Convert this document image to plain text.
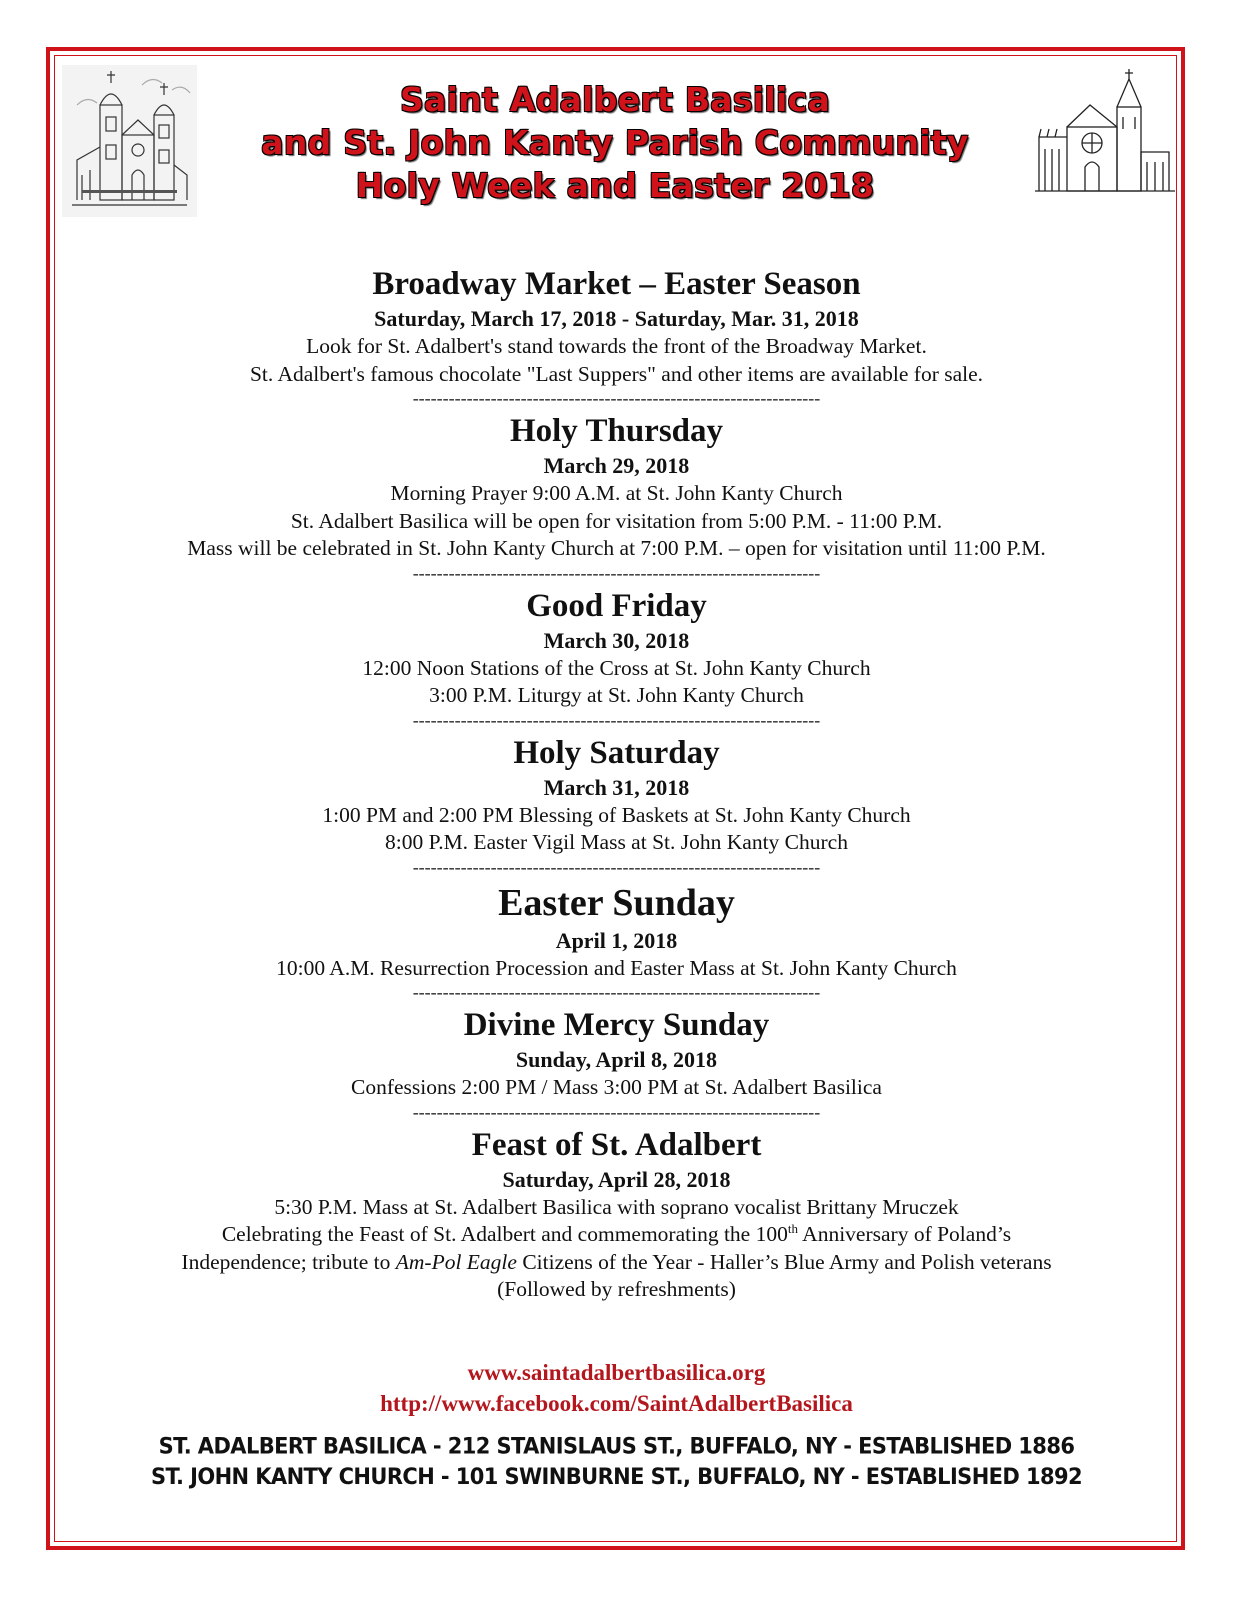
Saint Adalbert Basilica
and St. John Kanty Parish Community
Holy Week and Easter 2018
Broadway Market – Easter Season
Saturday, March 17, 2018 - Saturday, Mar. 31, 2018
Look for St. Adalbert's stand towards the front of the Broadway Market.
St. Adalbert's famous chocolate "Last Suppers" and other items are available for sale.
--------------------------------------------------------------------
Holy Thursday
March 29, 2018
Morning Prayer 9:00 A.M. at St. John Kanty Church
St. Adalbert Basilica will be open for visitation from 5:00 P.M. - 11:00 P.M.
Mass will be celebrated in St. John Kanty Church at 7:00 P.M. – open for visitation until 11:00 P.M.
--------------------------------------------------------------------
Good Friday
March 30, 2018
12:00 Noon Stations of the Cross at St. John Kanty Church
3:00 P.M. Liturgy at St. John Kanty Church
--------------------------------------------------------------------
Holy Saturday
March 31, 2018
1:00 PM and 2:00 PM Blessing of Baskets at St. John Kanty Church
8:00 P.M. Easter Vigil Mass at St. John Kanty Church
--------------------------------------------------------------------
Easter Sunday
April 1, 2018
10:00 A.M. Resurrection Procession and Easter Mass at St. John Kanty Church
--------------------------------------------------------------------
Divine Mercy Sunday
Sunday, April 8, 2018
Confessions 2:00 PM / Mass 3:00 PM at St. Adalbert Basilica
--------------------------------------------------------------------
Feast of St. Adalbert
Saturday, April 28, 2018
5:30 P.M. Mass at St. Adalbert Basilica with soprano vocalist Brittany Mruczek
Celebrating the Feast of St. Adalbert and commemorating the 100th Anniversary of Poland’s
Independence; tribute to Am-Pol Eagle Citizens of the Year - Haller’s Blue Army and Polish veterans
(Followed by refreshments)
www.saintadalbertbasilica.org
http://www.facebook.com/SaintAdalbertBasilica
ST. ADALBERT BASILICA - 212 STANISLAUS ST., BUFFALO, NY - ESTABLISHED 1886
ST. JOHN KANTY CHURCH - 101 SWINBURNE ST., BUFFALO, NY - ESTABLISHED 1892
